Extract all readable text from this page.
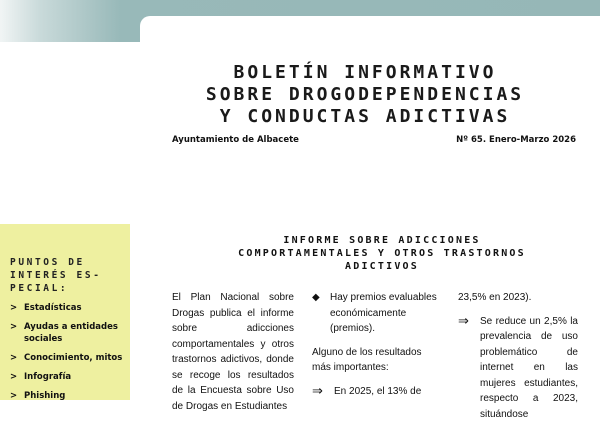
BOLETÍN INFORMATIVO
SOBRE DROGODEPENDENCIAS
Y CONDUCTAS ADICTIVAS
Ayuntamiento de Albacete	Nº 65. Enero-Marzo 2026
PUNTOS DE INTERÉS ES-PECIAL:
> Estadísticas
> Ayudas a entidades sociales
> Conocimiento, mitos
> Infografía
> Phishing
INFORME SOBRE ADICCIONES
COMPORTAMENTALES Y OTROS TRASTORNOS
ADICTIVOS

El Plan Nacional sobre Drogas publica el informe sobre adicciones comportamentales y otros trastornos adictivos, donde se recoge los resultados de la Encuesta sobre Uso de Drogas en Estudiantes

◆ Hay premios evaluables económicamente (premios).

Alguno de los resultados más importantes:

⇒ En 2025, el 13% de

23,5% en 2023).

⇒ Se reduce un 2,5% la prevalencia de uso problemático de internet en las mujeres estudiantes, respecto a 2023, situándose
